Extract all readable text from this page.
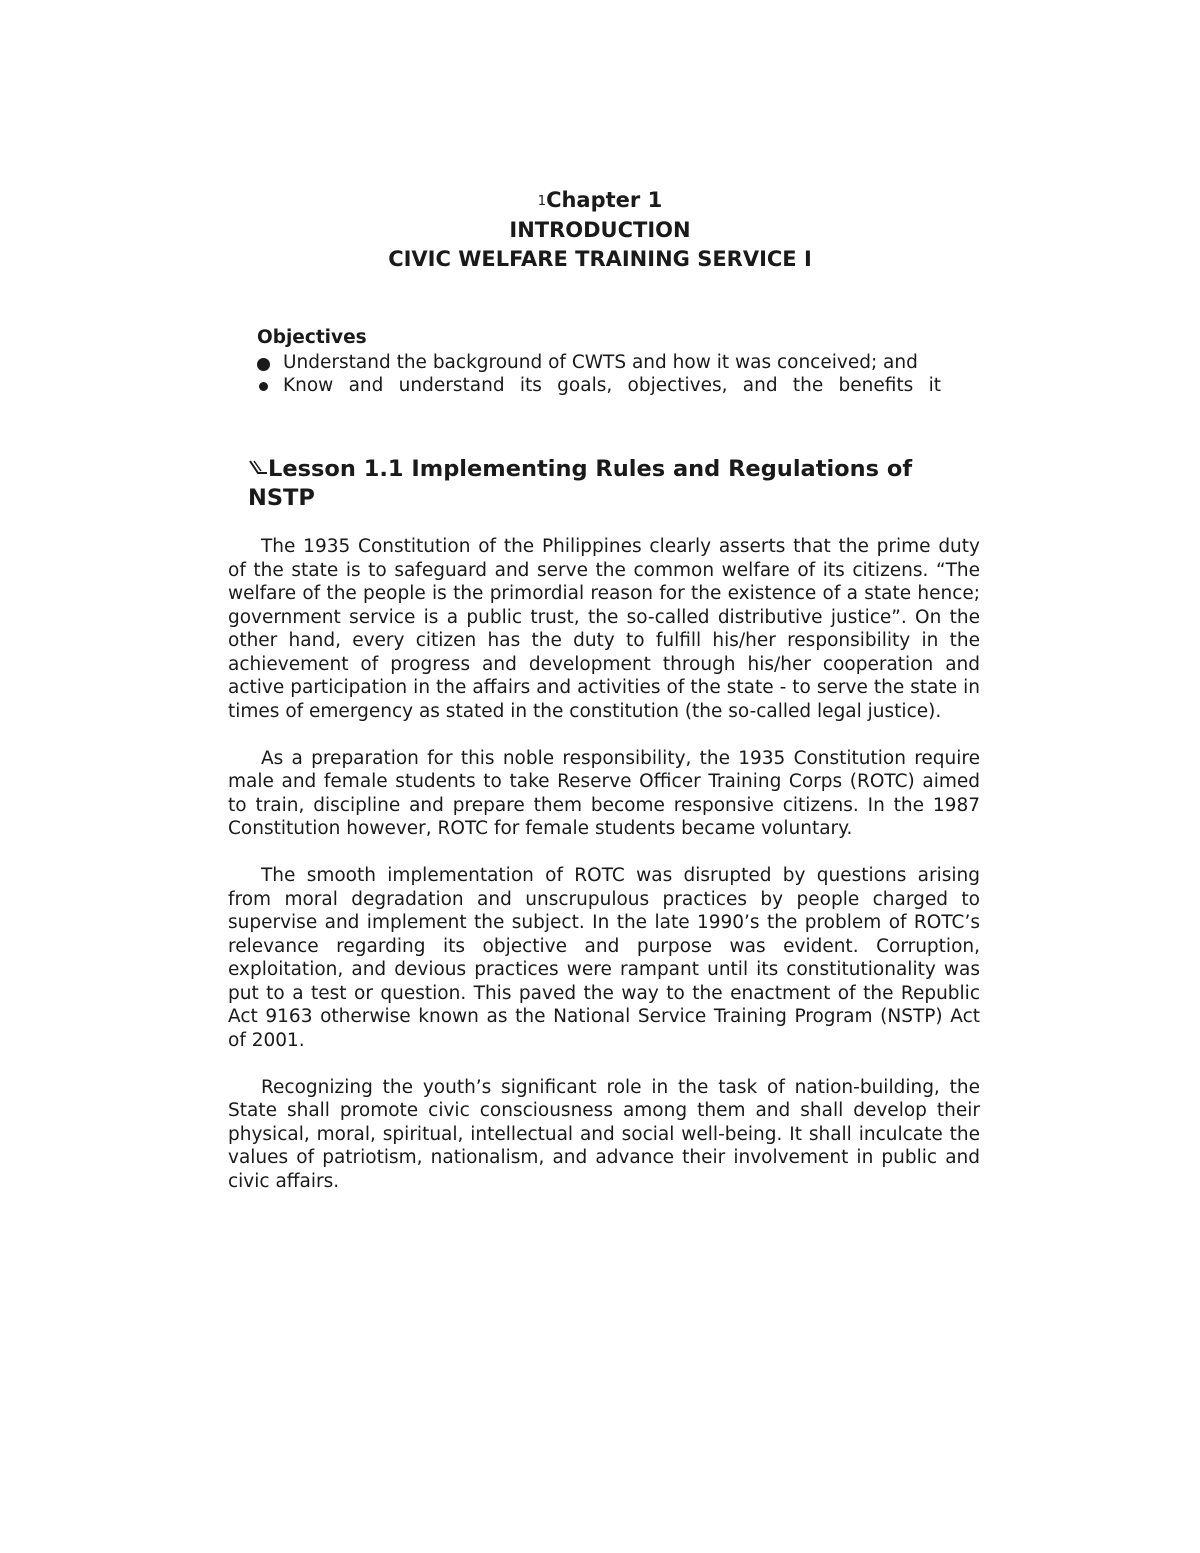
1Chapter 1
INTRODUCTION
CIVIC WELFARE TRAINING SERVICE I
Objectives
Understand the background of CWTS and how it was conceived; and
Know and understand its goals, objectives, and the benefits it
Lesson 1.1 Implementing Rules and Regulations of NSTP

The 1935 Constitution of the Philippines clearly asserts that the prime duty of the state is to safeguard and serve the common welfare of its citizens. “The welfare of the people is the primordial reason for the existence of a state hence; government service is a public trust, the so-called distributive justice”. On the other hand, every citizen has the duty to fulfill his/her responsibility in the achievement of progress and development through his/her cooperation and active participation in the affairs and activities of the state - to serve the state in times of emergency as stated in the constitution (the so-called legal justice).

As a preparation for this noble responsibility, the 1935 Constitution require male and female students to take Reserve Officer Training Corps (ROTC) aimed to train, discipline and prepare them become responsive citizens. In the 1987 Constitution however, ROTC for female students became voluntary.

The smooth implementation of ROTC was disrupted by questions arising from moral degradation and unscrupulous practices by people charged to supervise and implement the subject. In the late 1990’s the problem of ROTC’s relevance regarding its objective and purpose was evident. Corruption, exploitation, and devious practices were rampant until its constitutionality was put to a test or question. This paved the way to the enactment of the Republic Act 9163 otherwise known as the National Service Training Program (NSTP) Act of 2001.

Recognizing the youth’s significant role in the task of nation-building, the State shall promote civic consciousness among them and shall develop their physical, moral, spiritual, intellectual and social well-being. It shall inculcate the values of patriotism, nationalism, and advance their involvement in public and civic affairs.
